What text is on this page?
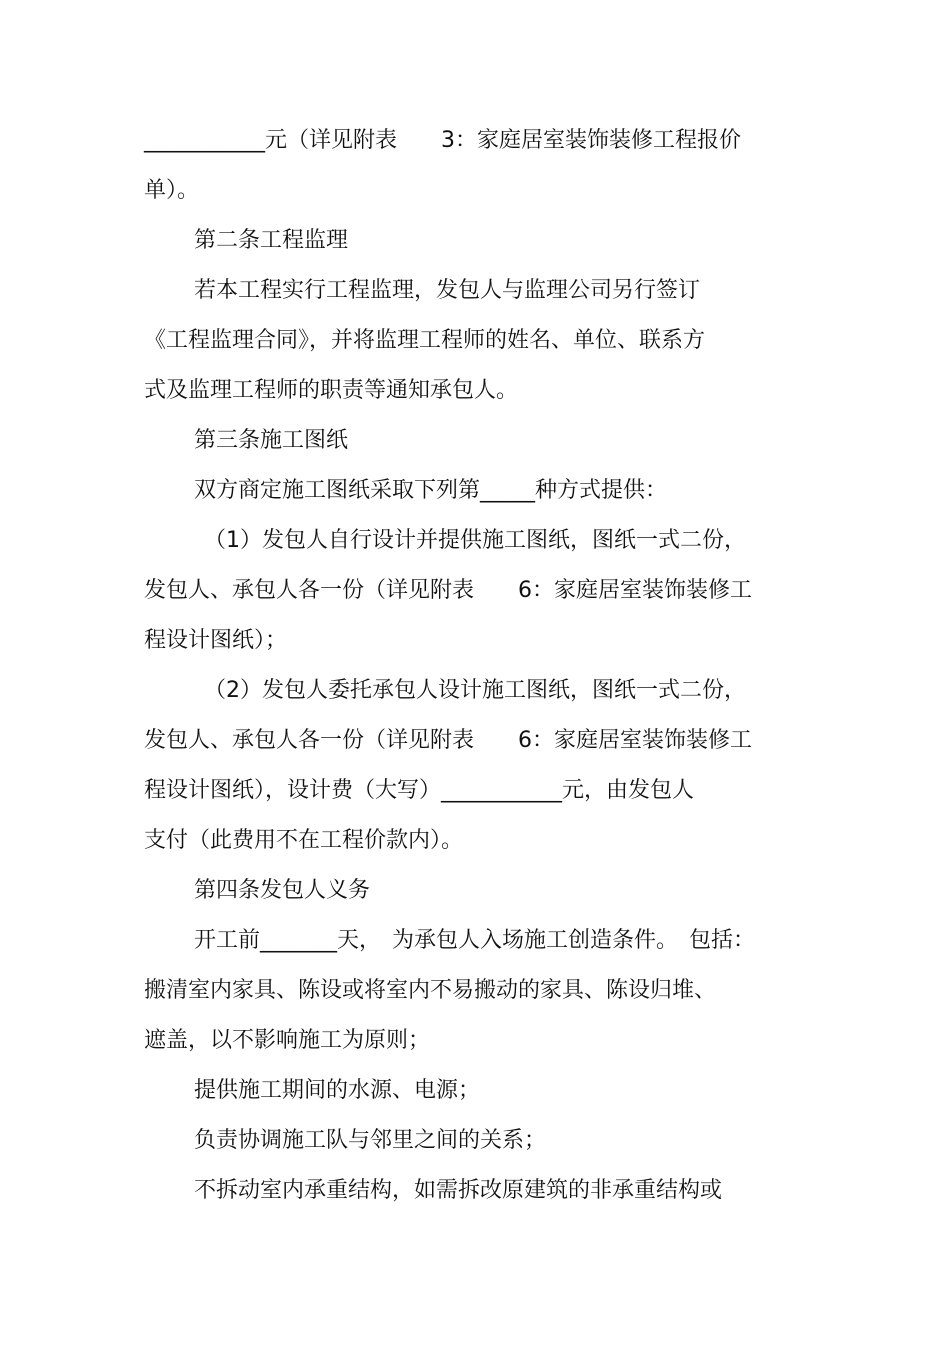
___________元（详见附表　　3：家庭居室装饰装修工程报价
单）。
第二条工程监理
若本工程实行工程监理，发包人与监理公司另行签订
《工程监理合同》，并将监理工程师的姓名、单位、联系方
式及监理工程师的职责等通知承包人。
第三条施工图纸
双方商定施工图纸采取下列第_____种方式提供：
（1）发包人自行设计并提供施工图纸，图纸一式二份，
发包人、承包人各一份（详见附表　　6：家庭居室装饰装修工
程设计图纸）；
（2）发包人委托承包人设计施工图纸，图纸一式二份，
发包人、承包人各一份（详见附表　　6：家庭居室装饰装修工
程设计图纸），设计费（大写）___________元，由发包人
支付（此费用不在工程价款内）。
第四条发包人义务
开工前_______天，　为承包人入场施工创造条件。　包括：
搬清室内家具、陈设或将室内不易搬动的家具、陈设归堆、
遮盖，以不影响施工为原则；
提供施工期间的水源、电源；
负责协调施工队与邻里之间的关系；
不拆动室内承重结构，如需拆改原建筑的非承重结构或
